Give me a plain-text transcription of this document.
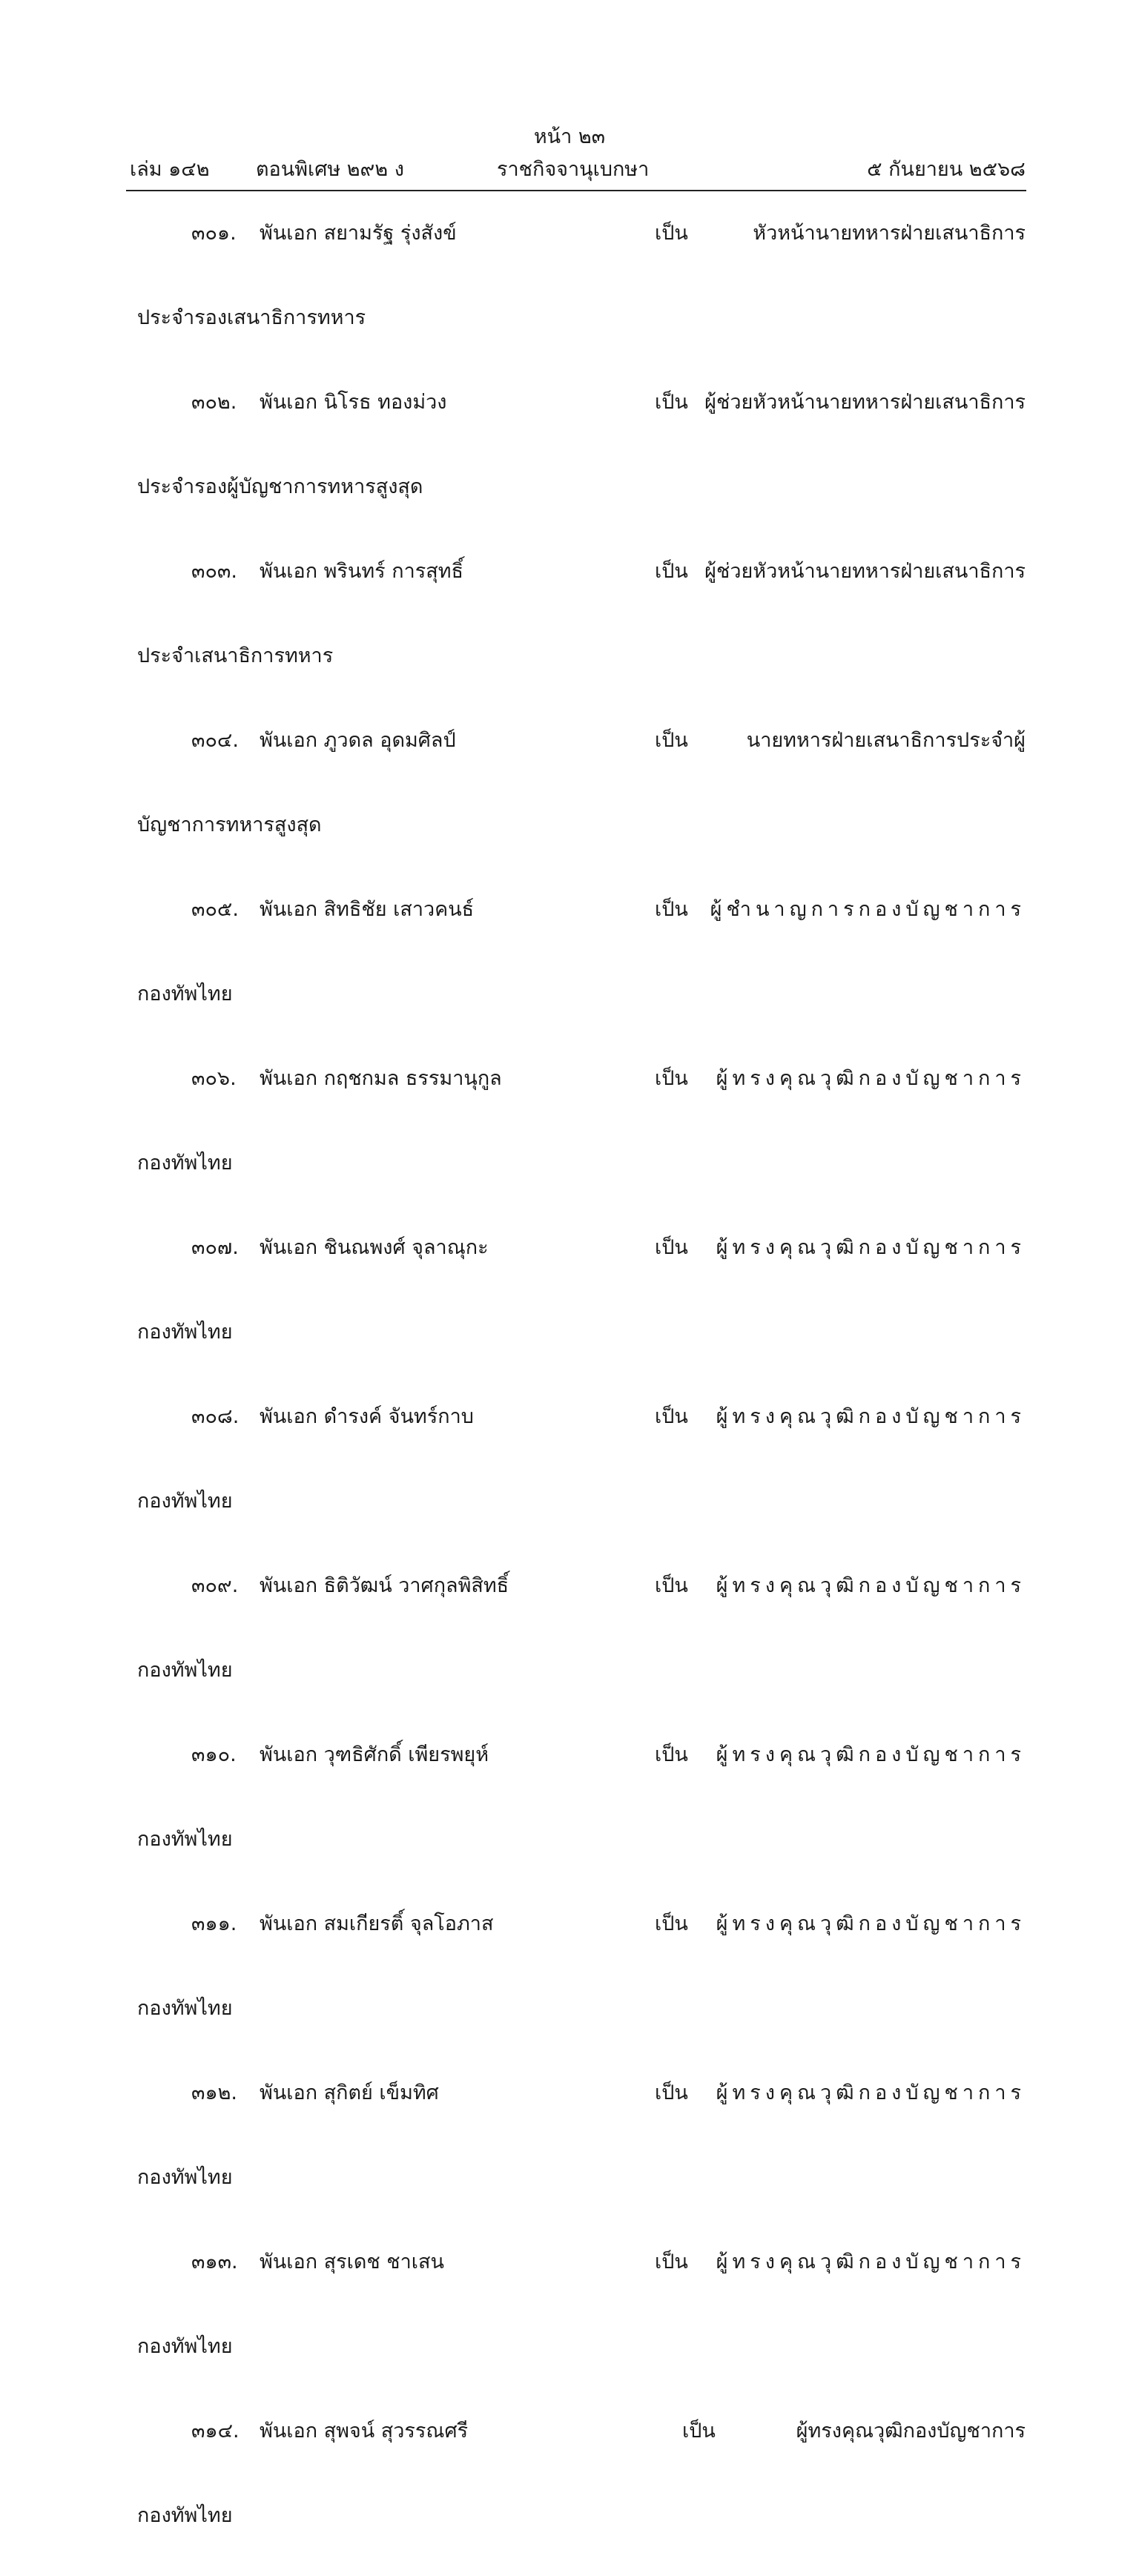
หน้า ๒๓
เล่ม ๑๔๒ ตอนพิเศษ ๒๙๒ ง	ราชกิจจานุเบกษา	๕ กันยายน ๒๕๖๘
๓๐๑. พันเอก สยามรัฐ รุ่งสังข์	เป็น	หัวหน้านายทหารฝ่ายเสนาธิการ
ประจำรองเสนาธิการทหาร
๓๐๒. พันเอก นิโรธ ทองม่วง	เป็น ผู้ช่วยหัวหน้านายทหารฝ่ายเสนาธิการ
ประจำรองผู้บัญชาการทหารสูงสุด
๓๐๓. พันเอก พรินทร์ การสุทธิ์	เป็น ผู้ช่วยหัวหน้านายทหารฝ่ายเสนาธิการ
ประจำเสนาธิการทหาร
๓๐๔. พันเอก ภูวดล อุดมศิลป์	เป็น	นายทหารฝ่ายเสนาธิการประจำผู้
บัญชาการทหารสูงสุด
๓๐๕. พันเอก สิทธิชัย เสาวคนธ์	เป็น ผู้ชำนาญการกองบัญชาการ
กองทัพไทย
๓๐๖. พันเอก กฤชกมล ธรรมานุกูล	เป็น ผู้ทรงคุณวุฒิกองบัญชาการ
กองทัพไทย
๓๐๗. พันเอก ชินณพงศ์ จุลาณุกะ	เป็น ผู้ทรงคุณวุฒิกองบัญชาการ
กองทัพไทย
๓๐๘. พันเอก ดำรงค์ จันทร์กาบ	เป็น ผู้ทรงคุณวุฒิกองบัญชาการ
กองทัพไทย
๓๐๙. พันเอก ธิติวัฒน์ วาศกุลพิสิทธิ์	เป็น ผู้ทรงคุณวุฒิกองบัญชาการ
กองทัพไทย
๓๑๐. พันเอก วุฑธิศักดิ์ เพียรพยุห์	เป็น ผู้ทรงคุณวุฒิกองบัญชาการ
กองทัพไทย
๓๑๑. พันเอก สมเกียรติ์ จุลโอภาส	เป็น ผู้ทรงคุณวุฒิกองบัญชาการ
กองทัพไทย
๓๑๒. พันเอก สุกิตย์ เข็มทิศ	เป็น ผู้ทรงคุณวุฒิกองบัญชาการ
กองทัพไทย
๓๑๓. พันเอก สุรเดช ชาเสน	เป็น ผู้ทรงคุณวุฒิกองบัญชาการ
กองทัพไทย
๓๑๔. พันเอก สุพจน์ สุวรรณศรี	เป็น	ผู้ทรงคุณวุฒิกองบัญชาการ
กองทัพไทย
